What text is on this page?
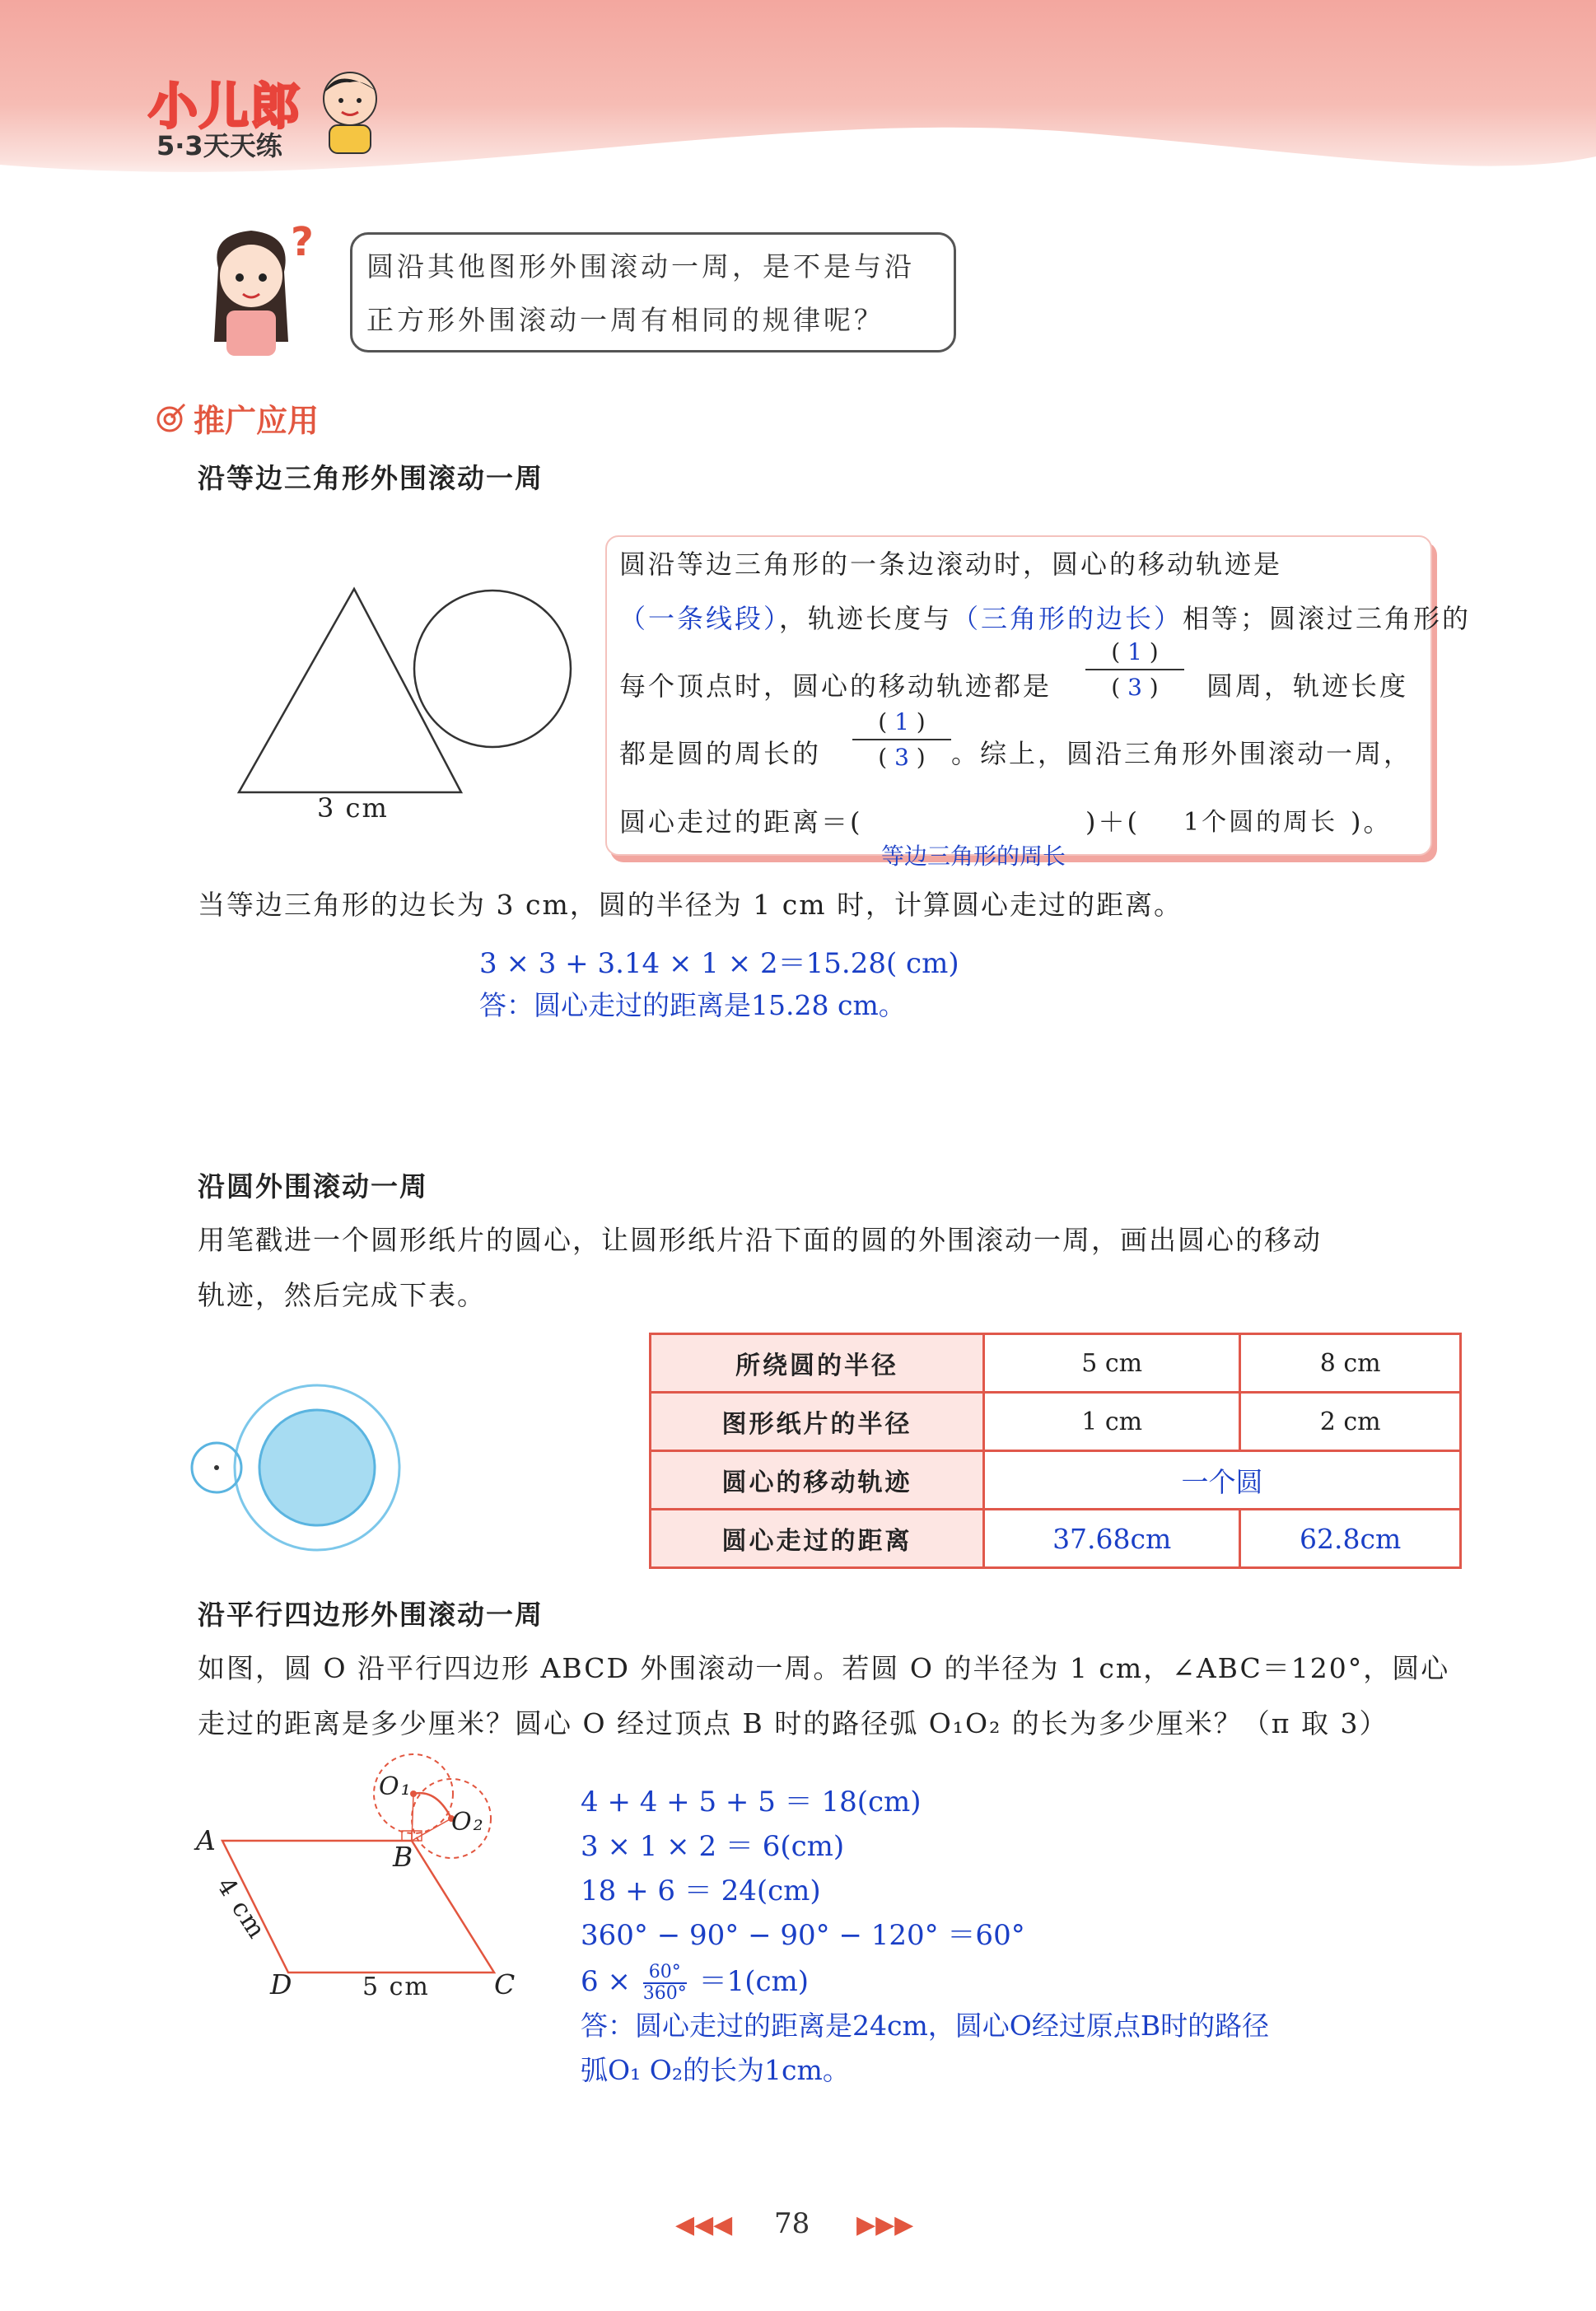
小儿郎
5·3天天练
?
圆沿其他图形外围滚动一周，是不是与沿
正方形外围滚动一周有相同的规律呢？
推广应用
沿等边三角形外围滚动一周
3 cm
圆沿等边三角形的一条边滚动时，圆心的移动轨迹是
（一条线段），轨迹长度与（三角形的边长）相等；圆滚过三角形的
每个顶点时，圆心的移动轨迹都是
( 1 )
( 3 )	圆周，轨迹长度
都是圆的周长的
( 1 )
( 3 ) 。综上，圆沿三角形外围滚动一周，
圆心走过的距离＝(	)＋( 1个圆的周长 )。
等边三角形的周长
当等边三角形的边长为 3 cm，圆的半径为 1 cm 时，计算圆心走过的距离。
3 × 3 + 3.14 × 1 × 2＝15.28( cm)
答：圆心走过的距离是15.28 cm。
沿圆外围滚动一周
用笔戳进一个圆形纸片的圆心，让圆形纸片沿下面的圆的外围滚动一周，画出圆心的移动
轨迹，然后完成下表。
所绕圆的半径	5 cm	8 cm
图形纸片的半径	1 cm	2 cm
圆心的移动轨迹	一个圆	
圆心走过的距离	37.68cm	62.8cm
沿平行四边形外围滚动一周
如图，圆 O 沿平行四边形 ABCD 外围滚动一周。若圆 O 的半径为 1 cm，∠ABC＝120°，圆心
走过的距离是多少厘米？圆心 O 经过顶点 B 时的路径弧 O₁O₂ 的长为多少厘米？（π 取 3）
A
B
C
D
O₁
O₂
4 cm
5 cm
4 + 4 + 5 + 5 ＝ 18(cm)
3 × 1 × 2 ＝ 6(cm)
18 + 6 ＝ 24(cm)
360° − 90° − 90° − 120° ＝60°
$6 \times \frac{60^\circ}{360^\circ} =1(cm)$
答：圆心走过的距离是24cm，圆心O经过原点B时的路径
弧O₁ O₂的长为1cm。
◀◀◀ 78 ▶▶▶
